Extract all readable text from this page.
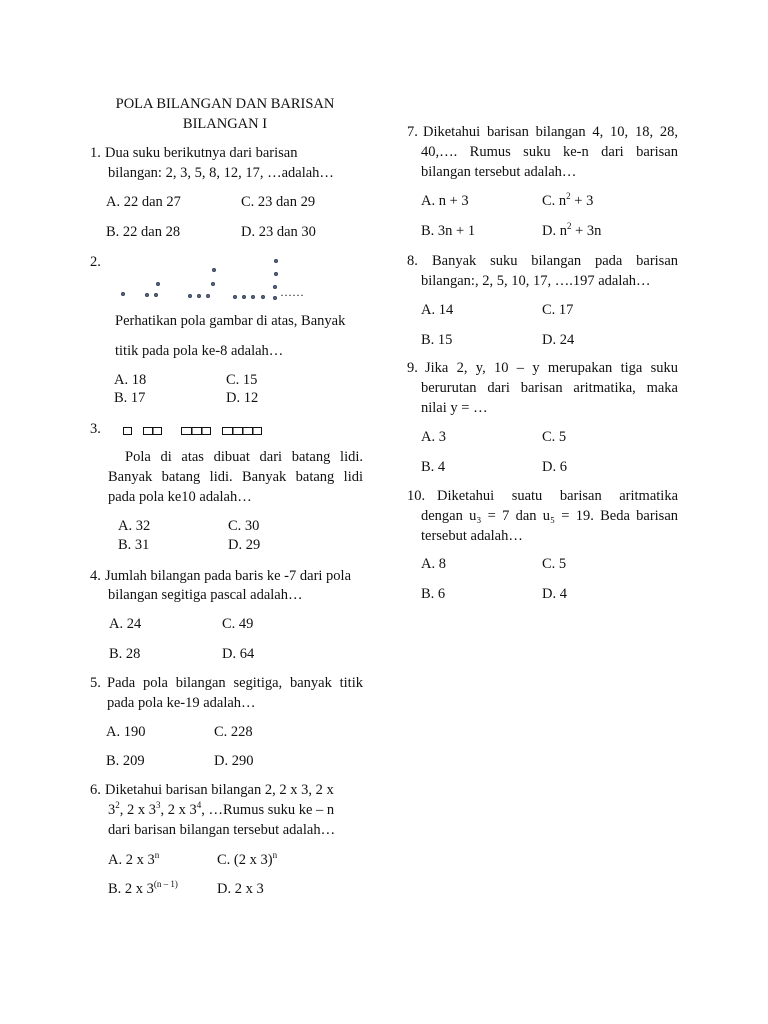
POLA BILANGAN DAN BARISAN
BILANGAN I
1. Dua suku berikutnya dari barisan
bilangan: 2, 3, 5, 8, 12, 17, …adalah…
A. 22 dan 27	C. 23 dan 29
B. 22 dan 28	D. 23 dan 30
2.
……
Perhatikan pola gambar di atas, Banyak
titik pada pola ke-8 adalah…
A. 18	C. 15
B. 17	D. 12
3.
Pola di atas dibuat dari batang lidi. Banyak batang lidi. Banyak batang lidi pada pola ke10 adalah…
A. 32	C. 30
B. 31	D. 29
4. Jumlah bilangan pada baris ke -7 dari pola
bilangan segitiga pascal adalah…
A. 24	C. 49
B. 28	D. 64
5. Pada pola bilangan segitiga, banyak titik pada pola ke-19 adalah…
A. 190	C. 228
B. 209	D. 290
6. Diketahui barisan bilangan 2, 2 x 3, 2 x
$3^2$, 2 x $3^3$, 2 x $3^4$, …Rumus suku ke – n
dari barisan bilangan tersebut adalah…
A. 2 x 3$^n$	C. (2 x 3)$^n$
B. 2 x 3$^{(n - 1)}$	D. 2 x 3
7. Diketahui barisan bilangan 4, 10, 18, 28, 40,…. Rumus suku ke-n dari barisan bilangan tersebut adalah…
A. n + 3	C. $n^2 + 3$
B. 3n + 1	D. $n^2 + 3n$
8. Banyak suku bilangan pada barisan bilangan:, 2, 5, 10, 17, ….197 adalah…
A. 14	C. 17
B. 15	D. 24
9. Jika 2, y, 10 – y merupakan tiga suku berurutan dari barisan aritmatika, maka nilai y = …
A. 3	C. 5
B. 4	D. 6
10. Diketahui suatu barisan aritmatika dengan u₃ = 7 dan u₅ = 19. Beda barisan tersebut adalah…
A. 8	C. 5
B. 6	D. 4
